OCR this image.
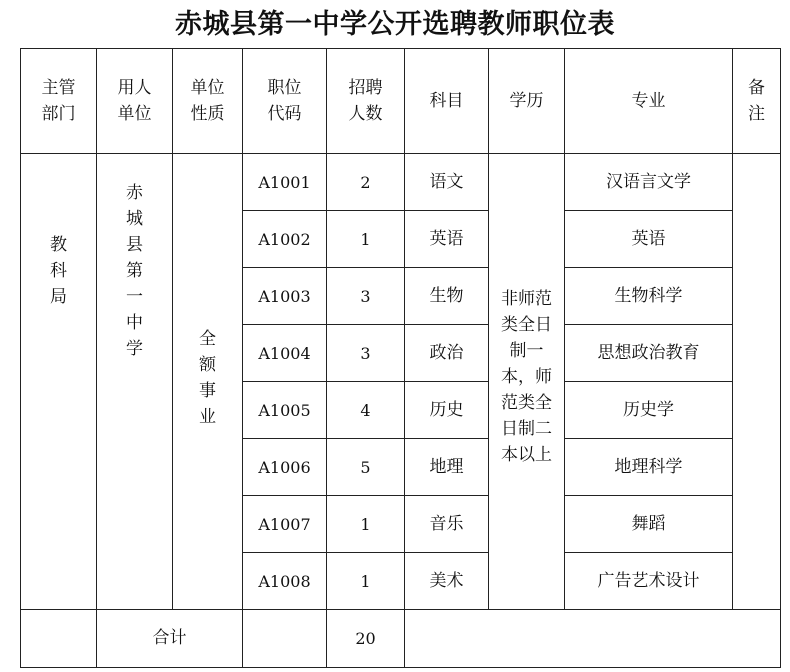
赤城县第一中学公开选聘教师职位表
主管部门	用人单位	单位性质	职位代码	招聘人数	科目	学历	专业	备注
教科局	赤城县第一中学	全额事业	A1001	2	语文	非师范类全日制一本，师范类全日制二本以上	汉语言文学	
			A1002	1	英语		英语	
			A1003	3	生物		生物科学	
			A1004	3	政治		思想政治教育	
			A1005	4	历史		历史学	
			A1006	5	地理		地理科学	
			A1007	1	音乐		舞蹈	
			A1008	1	美术		广告艺术设计	
	合计			20				
